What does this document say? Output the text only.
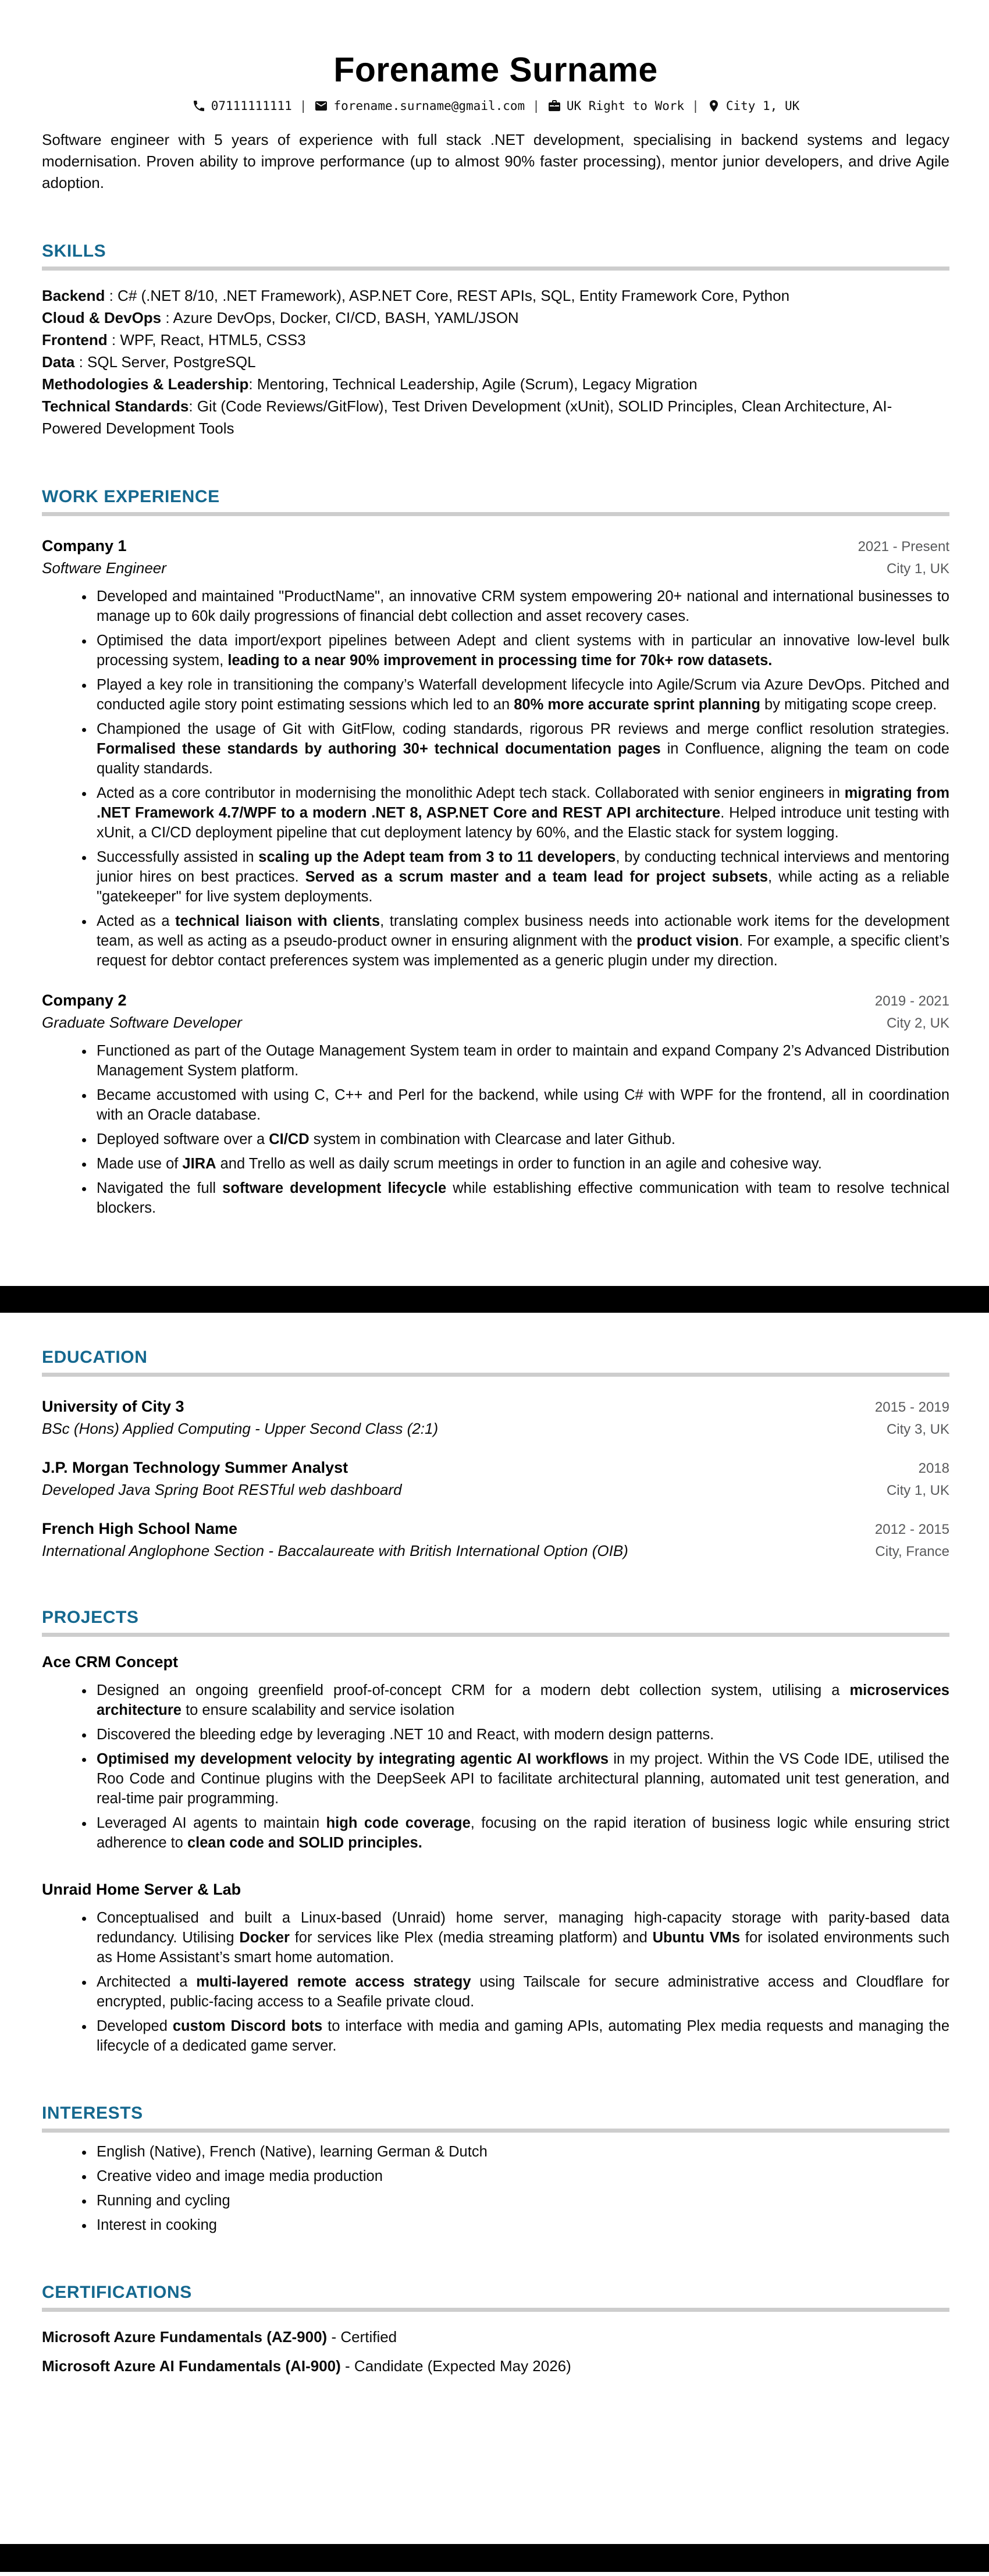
Forename Surname
07111111111 | forename.surname@gmail.com | UK Right to Work | City 1, UK

Software engineer with 5 years of experience with full stack .NET development, specialising in backend systems and legacy modernisation. Proven ability to improve performance (up to almost 90% faster processing), mentor junior developers, and drive Agile adoption.

SKILLS
Backend : C# (.NET 8/10, .NET Framework), ASP.NET Core, REST APIs, SQL, Entity Framework Core, Python
Cloud & DevOps : Azure DevOps, Docker, CI/CD, BASH, YAML/JSON
Frontend : WPF, React, HTML5, CSS3
Data : SQL Server, PostgreSQL
Methodologies & Leadership: Mentoring, Technical Leadership, Agile (Scrum), Legacy Migration
Technical Standards: Git (Code Reviews/GitFlow), Test Driven Development (xUnit), SOLID Principles, Clean Architecture, AI-Powered Development Tools
WORK EXPERIENCE
Company 1	2021 - Present
Software Engineer	City 1, UK
• Developed and maintained "ProductName", an innovative CRM system empowering 20+ national and international businesses to manage up to 60k daily progressions of financial debt collection and asset recovery cases.
• Optimised the data import/export pipelines between Adept and client systems with in particular an innovative low-level bulk processing system, leading to a near 90% improvement in processing time for 70k+ row datasets.
• Played a key role in transitioning the company’s Waterfall development lifecycle into Agile/Scrum via Azure DevOps. Pitched and conducted agile story point estimating sessions which led to an 80% more accurate sprint planning by mitigating scope creep.
• Championed the usage of Git with GitFlow, coding standards, rigorous PR reviews and merge conflict resolution strategies. Formalised these standards by authoring 30+ technical documentation pages in Confluence, aligning the team on code quality standards.
• Acted as a core contributor in modernising the monolithic Adept tech stack. Collaborated with senior engineers in migrating from .NET Framework 4.7/WPF to a modern .NET 8, ASP.NET Core and REST API architecture. Helped introduce unit testing with xUnit, a CI/CD deployment pipeline that cut deployment latency by 60%, and the Elastic stack for system logging.
• Successfully assisted in scaling up the Adept team from 3 to 11 developers, by conducting technical interviews and mentoring junior hires on best practices. Served as a scrum master and a team lead for project subsets, while acting as a reliable "gatekeeper" for live system deployments.
• Acted as a technical liaison with clients, translating complex business needs into actionable work items for the development team, as well as acting as a pseudo-product owner in ensuring alignment with the product vision. For example, a specific client’s request for debtor contact preferences system was implemented as a generic plugin under my direction.
Company 2	2019 - 2021
Graduate Software Developer	City 2, UK
• Functioned as part of the Outage Management System team in order to maintain and expand Company 2’s Advanced Distribution Management System platform.
• Became accustomed with using C, C++ and Perl for the backend, while using C# with WPF for the frontend, all in coordination with an Oracle database.
• Deployed software over a CI/CD system in combination with Clearcase and later Github.
• Made use of JIRA and Trello as well as daily scrum meetings in order to function in an agile and cohesive way.
• Navigated the full software development lifecycle while establishing effective communication with team to resolve technical blockers.
EDUCATION
University of City 3	2015 - 2019
BSc (Hons) Applied Computing - Upper Second Class (2:1)	City 3, UK
J.P. Morgan Technology Summer Analyst	2018
Developed Java Spring Boot RESTful web dashboard	City 1, UK
French High School Name	2012 - 2015
International Anglophone Section - Baccalaureate with British International Option (OIB)	City, France
PROJECTS
Ace CRM Concept
• Designed an ongoing greenfield proof-of-concept CRM for a modern debt collection system, utilising a microservices architecture to ensure scalability and service isolation
• Discovered the bleeding edge by leveraging .NET 10 and React, with modern design patterns.
• Optimised my development velocity by integrating agentic AI workflows in my project. Within the VS Code IDE, utilised the Roo Code and Continue plugins with the DeepSeek API to facilitate architectural planning, automated unit test generation, and real-time pair programming.
• Leveraged AI agents to maintain high code coverage, focusing on the rapid iteration of business logic while ensuring strict adherence to clean code and SOLID principles.
Unraid Home Server & Lab
• Conceptualised and built a Linux-based (Unraid) home server, managing high-capacity storage with parity-based data redundancy. Utilising Docker for services like Plex (media streaming platform) and Ubuntu VMs for isolated environments such as Home Assistant’s smart home automation.
• Architected a multi-layered remote access strategy using Tailscale for secure administrative access and Cloudflare for encrypted, public-facing access to a Seafile private cloud.
• Developed custom Discord bots to interface with media and gaming APIs, automating Plex media requests and managing the lifecycle of a dedicated game server.
INTERESTS
• English (Native), French (Native), learning German & Dutch
• Creative video and image media production
• Running and cycling
• Interest in cooking
CERTIFICATIONS
Microsoft Azure Fundamentals (AZ-900) - Certified
Microsoft Azure AI Fundamentals (AI-900) - Candidate (Expected May 2026)
